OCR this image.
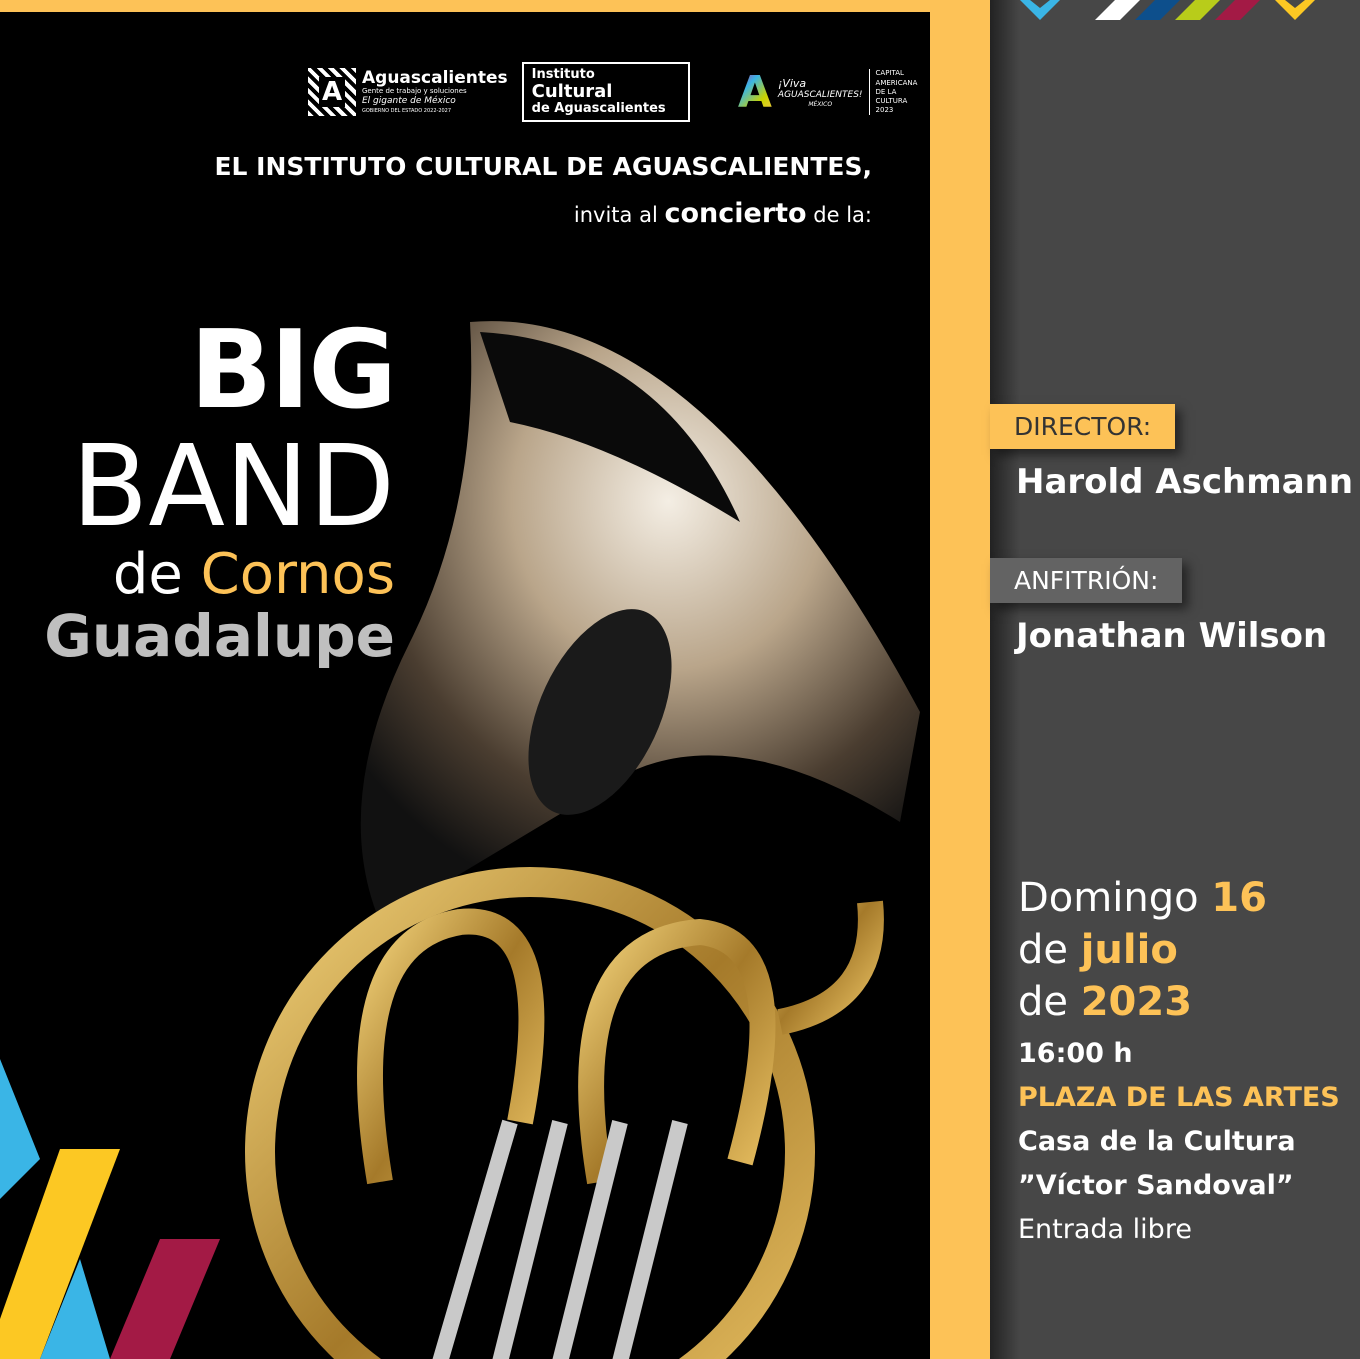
A Aguascalientes
Gente de trabajo y soluciones
El gigante de México
GOBIERNO DEL ESTADO 2022-2027
Instituto Cultural
de Aguascalientes	A ¡Viva
AGUASCALIENTES!
MÉXICO
CAPITAL
AMERICANA
DE LA CULTURA
2023
EL INSTITUTO CULTURAL DE AGUASCALIENTES,
invita al concierto de la:
BIG
BAND
de Cornos
Guadalupe
DIRECTOR:
Harold Aschmann
ANFITRIÓN:
Jonathan Wilson
Domingo 16
de julio
de 2023
16:00 h
PLAZA DE LAS ARTES
Casa de la Cultura
”Víctor Sandoval”
Entrada libre
